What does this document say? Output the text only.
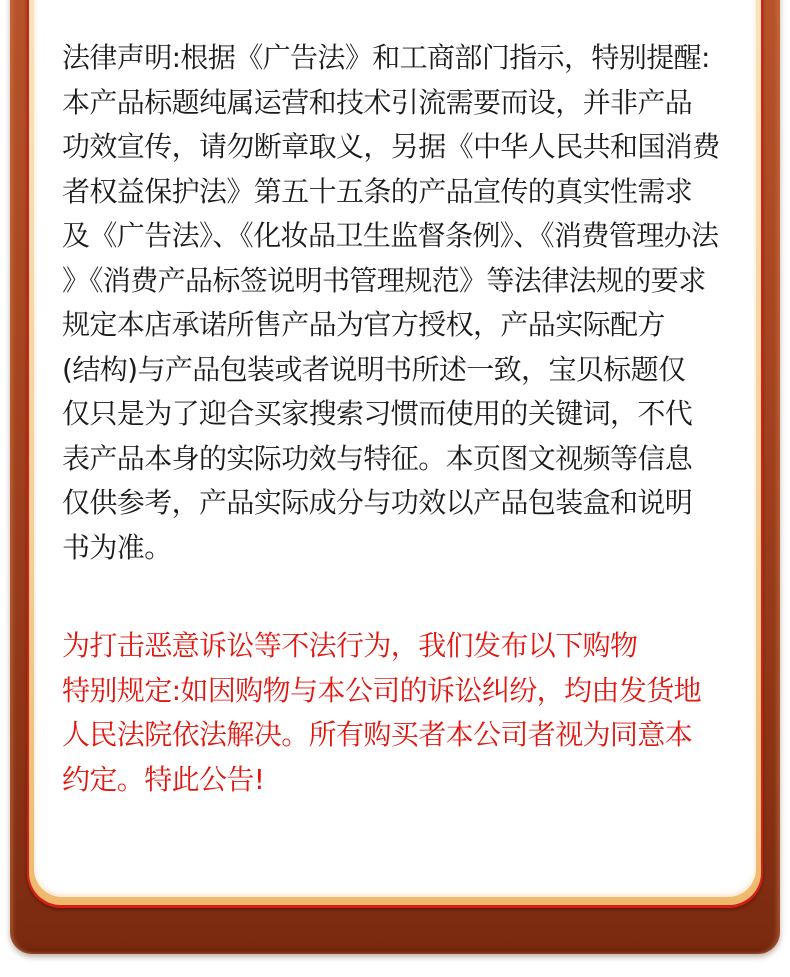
法律声明:根据《广告法》和工商部门指示，特别提醒:
本产品标题纯属运营和技术引流需要而设，并非产品
功效宣传，请勿断章取义，另据《中华人民共和国消费
者权益保护法》第五十五条的产品宣传的真实性需求
及《广告法》、《化妆品卫生监督条例》、《消费管理办法
》《消费产品标签说明书管理规范》等法律法规的要求
规定本店承诺所售产品为官方授权，产品实际配方
(结构)与产品包装或者说明书所述一致，宝贝标题仅
仅只是为了迎合买家搜索习惯而使用的关键词，不代
表产品本身的实际功效与特征。本页图文视频等信息
仅供参考，产品实际成分与功效以产品包装盒和说明
书为准。

为打击恶意诉讼等不法行为，我们发布以下购物
特别规定:如因购物与本公司的诉讼纠纷，均由发货地
人民法院依法解决。所有购买者本公司者视为同意本
约定。特此公告!
